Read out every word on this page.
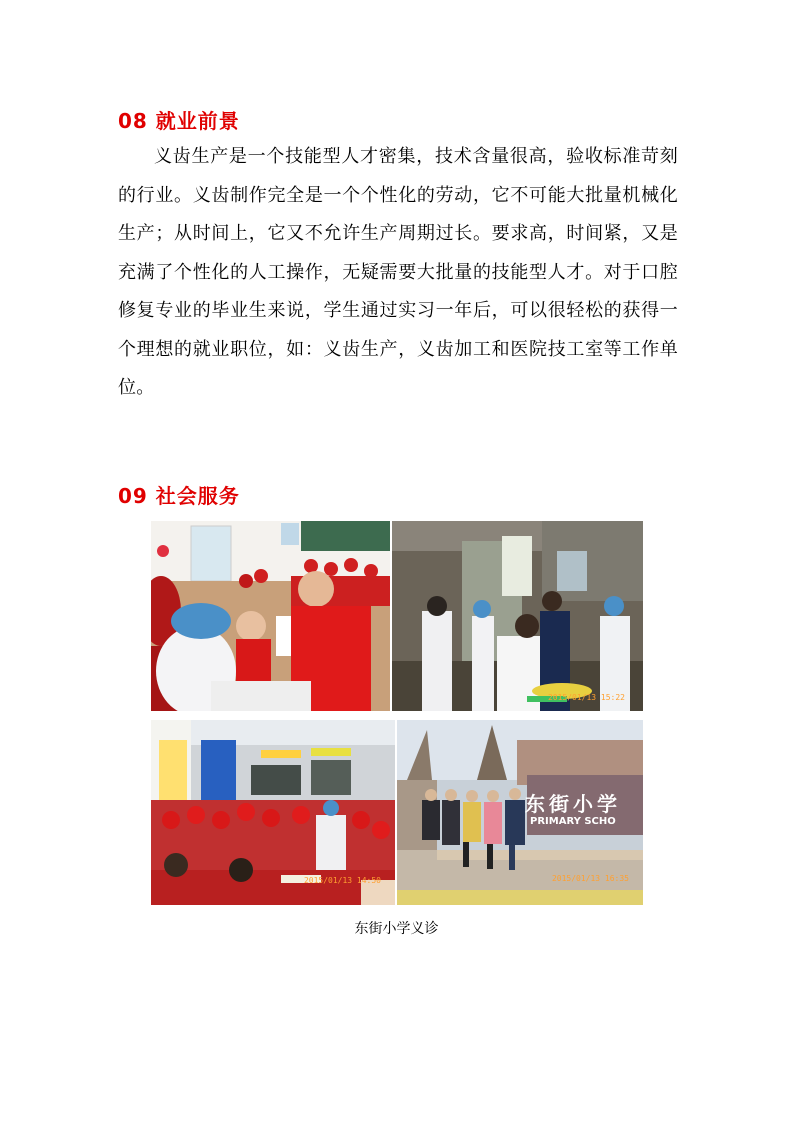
08 就业前景

义齿生产是一个技能型人才密集，技术含量很高，验收标准苛刻的行业。义齿制作完全是一个个性化的劳动，它不可能大批量机械化生产；从时间上，它又不允许生产周期过长。要求高，时间紧，又是充满了个性化的人工操作，无疑需要大批量的技能型人才。对于口腔修复专业的毕业生来说，学生通过实习一年后，可以很轻松的获得一个理想的就业职位，如：义齿生产，义齿加工和医院技工室等工作单位。

09 社会服务
2015/01/13 15:22
2015/01/13 14:50
东街小学
PRIMARY SCHO
2015/01/13 16:35

东街小学义诊
